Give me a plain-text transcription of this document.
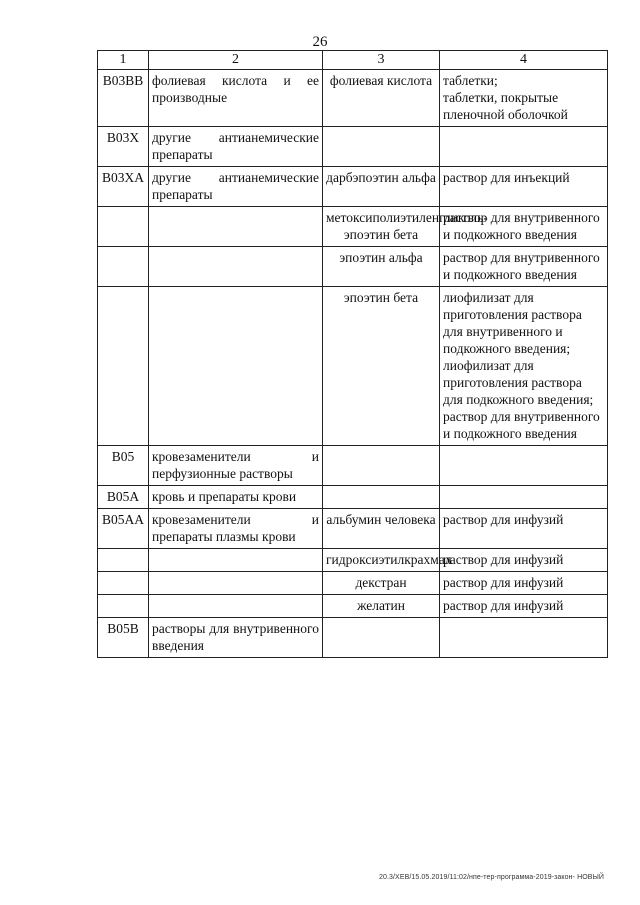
26
1	2	3	4
B03BB	фолиевая кислота и ее производные	фолиевая кислота	таблетки;
таблетки, покрытые пленочной оболочкой
B03X	другие антианемические препараты		
B03XA	другие антианемические препараты	дарбэпоэтин альфа	раствор для инъекций
		метоксиполиэтиленгликоль-эпоэтин бета	раствор для внутривенного и подкожного введения
		эпоэтин альфа	раствор для внутривенного и подкожного введения
		эпоэтин бета	лиофилизат для приготовления раствора для внутривенного и подкожного введения;
лиофилизат для приготовления раствора для подкожного введения;
раствор для внутривенного и подкожного введения
B05	кровезаменители и перфузионные растворы		
B05A	кровь и препараты крови		
B05AA	кровезаменители и препараты плазмы крови	альбумин человека	раствор для инфузий
		гидроксиэтилкрахмал	раствор для инфузий
		декстран	раствор для инфузий
		желатин	раствор для инфузий
B05B	растворы для внутривенного введения		
20.3/ХЕВ/15.05.2019/11:02/нпе-тер-программа-2019-закон- НОВЫЙ
